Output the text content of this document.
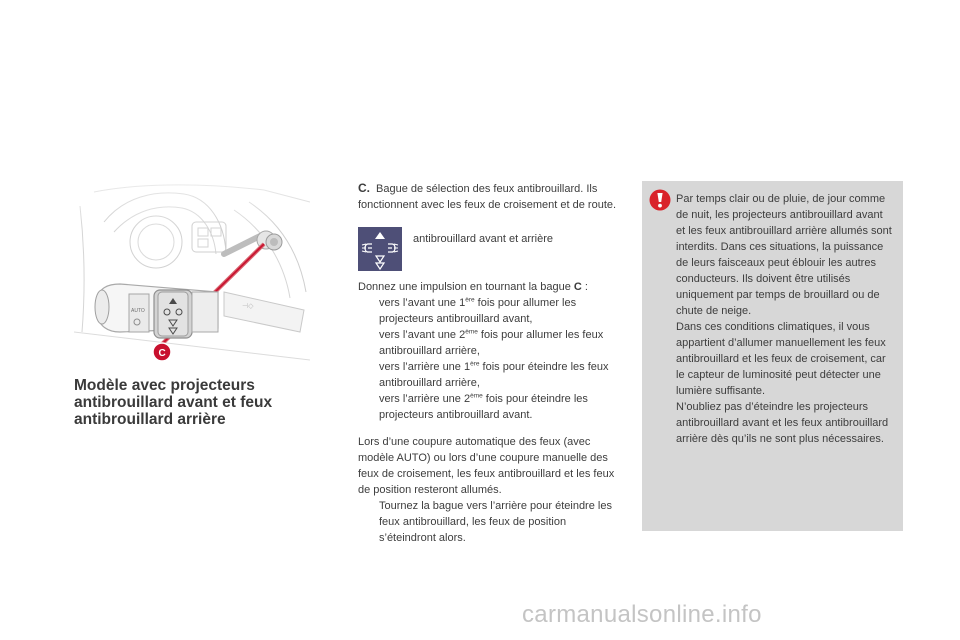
Modèle avec projecteurs
antibrouillard avant et feux
antibrouillard arrière

C. Bague de sélection des feux antibrouillard. Ils fonctionnent avec les feux de croisement et de route.

antibrouillard avant et arrière

Donnez une impulsion en tournant la bague C :

vers l’avant une 1ère fois pour allumer les projecteurs antibrouillard avant,
vers l’avant une 2ème fois pour allumer les feux antibrouillard arrière,
vers l’arrière une 1ère fois pour éteindre les feux antibrouillard arrière,
vers l’arrière une 2ème fois pour éteindre les projecteurs antibrouillard avant.

Lors d’une coupure automatique des feux (avec modèle AUTO) ou lors d’une coupure manuelle des feux de croisement, les feux antibrouillard et les feux de position resteront allumés.

Tournez la bague vers l’arrière pour éteindre les feux antibrouillard, les feux de position s’éteindront alors.

Par temps clair ou de pluie, de jour comme de nuit, les projecteurs antibrouillard avant et les feux antibrouillard arrière allumés sont interdits. Dans ces situations, la puissance de leurs faisceaux peut éblouir les autres conducteurs. Ils doivent être utilisés uniquement par temps de brouillard ou de chute de neige.

Dans ces conditions climatiques, il vous appartient d’allumer manuellement les feux antibrouillard et les feux de croisement, car le capteur de luminosité peut détecter une lumière suffisante.

N’oubliez pas d’éteindre les projecteurs antibrouillard avant et les feux antibrouillard arrière dès qu’ils ne sont plus nécessaires.

carmanualsonline.info
